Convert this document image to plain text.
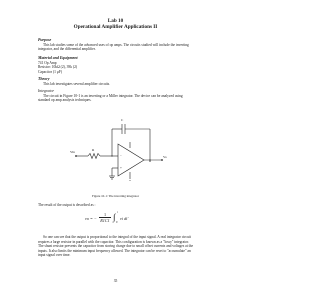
Lab 10
Operational Amplifier Applications II
Purpose
This lab studies some of the advanced uses of op amps. The circuits studied will include the inverting integrator, and the differential amplifier.
Material and Equipment
741 Op Amp
Resistor: 10kΩ (2), 39k (2)
Capacitor (1 µF)
Theory
This lab investigates several amplifier circuits.
Integrator
The circuit in Figure 10-1 is an inverting or a Miller integrator. The device can be analyzed using standard op amp analysis techniques.
C
R
Vin
Vo
−
+
Figure 10-1: The inverting integrator
The result of the output is described as :
vo = −
1
R1C1 ∫ t
0
vi dt'
So one can see that the output is proportional to the integral of the input signal. A real integrator circuit requires a large resistor in parallel with the capacitor. This configuration is known as a "lossy" integrator. The shunt resistor prevents the capacitor from storing charge due to small offset currents and voltages at the inputs. It also limits the minimum input frequency allowed. The integrator can be reset to "accumulate" an input signal over time.
35
